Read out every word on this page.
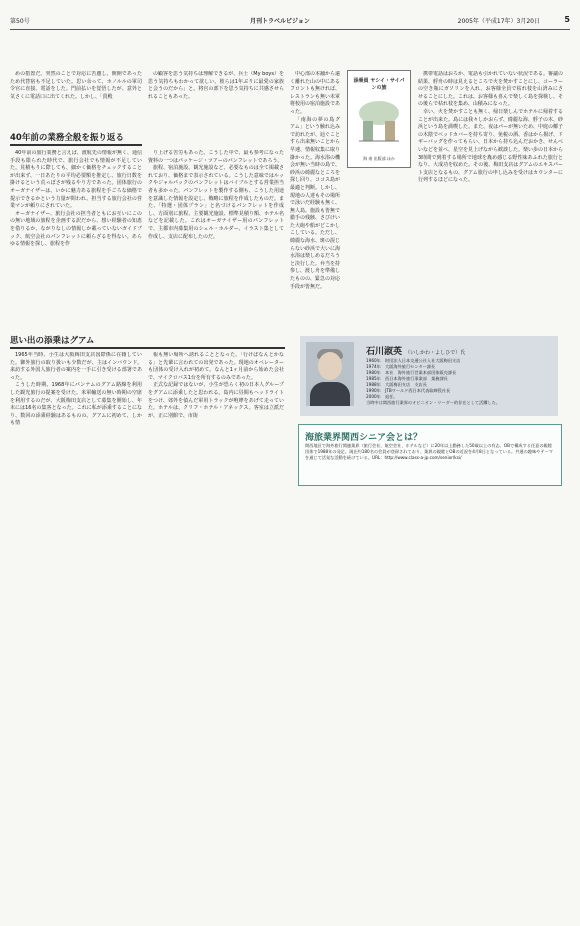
第50号	月刊トラベルビジョン	2005年（平成17年）3月20日	5

めの措置だ。突然のことで対応に苦慮し、開開であったため代替宿も不足していた。思い余って、ホノルルの軍司令官に直接、電話をした。門前払いを覚悟したが、意外と気さくに電話口に出てくれた。しかし、「貴殿

の顧客を思う気持ちは理解できるが、兵士（My boys）を思う気持ちもわかって欲しい。彼らは1年ぶりに最愛の家族と会うのだから」と。将官の部下を思う気持ちに共感させられることもあった。

40年前の業務全般を振り返る

40年前の旅行業務と言えば、渡航先の情報が無く、通信手段も限られた時代で、旅行会社でも情報が不足していた。見積もりに際しても、細かく価格をチェックすることが出来ず、一日あたりの平均必要額を推定し、旅行日数を掛けるという荒っぽさが残るやり方であった。団体旅行のオーガナイザーは、いかに魅力ある旅程を手ごろな価格で提示できるかという力量が問われ、担当する旅行会社の営業マンが頼りにされていた。

オーガナイザー、旅行会社の担当者ともにお互いにこのの無い地域の旅程を企画する訳だから、想い経験者の知恵を借りるか、ながりなしの情報しか載っていないガイドブック、航空会社のパンフレットに頼らざるを得ない。あらゆる情報を探し、旅程を作

り上げる苦労もあった。こうした中で、最も参考になった資料の一つはパッケージ・ツアーのパンフレットであろう。

旅程、宿泊施設、観光施設など、必要なものは全て掲載されており、価格まで表示されている。こうした意味ではルックやジャルパックのパンフレットはバイブルとする営業担当者も多かった。パンフレットを製作する側も、こうした用途を意識した情報を設定し、戦略に旅程を作成したものだ。また、「特選・団体プラン」と名づけるパンフレットを作成し、方面別に旅程、主要観光施設、標準見積り額、ホテル名などを記載した。これはオーガナイザー用のパンフレットで、主都市内募集用のシェル・ホルダー、イラスト集として作成し、支店に配布したのだ。

添乗員 ヤシイ・サイパンの旅
海 南 出版部 ほか

中心部の本舗から遠く離れた山の中にあるフロントも無ければ、レストランも無い未軍将校用の宿泊施設であった。

「南海の夢の島グアム」という触れ込みで訪れたが、辿ぐことすら出来無いことから早速、情報収集に取り掛かった。海水浴の機会が無い当時の島で、砂浜の綺麗なところを探し回り、ココス島が最適と判断。しかし、現地の人達もその場所で泳いだ経験も無く、無人島。施設も皆無で徹手の残骸、さびけいた大砲や船がどこかしこしている。ただし、綺麗な海水、斑の混じらない砂浜で大いに海水浴は楽しめるだろうと決行した。弁当を持参し、渡し舟を準備したものの、緊急の対応手段が皆無だ。

携帯電話はおろか、電話も引かれていない状況である。審議の結果、艀舟の時は見えるところで火を焚かすことにし、コーラーの空き瓶にガソリンを入れ、お客様全員で枯れ枝を山済みにさせることにした。これは、お客様も喜んで楽しく島を探検し、その後らで枯れ枝を集め、山積みになった。

幸い、火を焚かすことも無く、帰日楽しんでホテルに帰着することが出来た。島には我々しかおらず、綺麗な海、艀子の木、砂浜という島を満喫した。また、夜はパーが無いため、中庭の椰子の木陰でベッドカバーを持ち寄り、免税の酒、香はから揚げ、ドギーバッグを作ってもらい、日本から持ち込んだおかき、せんべいなどを並べ、星空を見上げながら歓談した。楽い歩の日本から3時間で到着する場所で地球を胤め感じる野性味あふれた旅行となり、大成功を収めた。その後、梅田支店はグアムのエキスパート支店となるもの、グアム旅行の申し込みを受けはカウンターに行列するほどになった。

思い出の添乗はグアム

1965年当時、小生は大阪梅田支店国際係に在籍していた。御外旅行の取り扱いも少数だが、主はインバウンド。来訪する外国人旅行者の案内を一手に引き受ける部署であった。

こうした時期、1968年にパンナムのグアム路線を利用した観光旅行の提案を受けた。米軍輸送の無い時期の空席を利用するのだが、大阪梅田支店として募集を開始し、年末には16名の集客となった。これに私が添乗することになり、数回の添乗経験はあるものの、グアムに初めて、しかも情

報も無い場所へ誘れることとなった。「行けばなんとかなる」と先輩に言われての出発であった。現地のオペレーターも団体の受け入れが初めて。なんと1ヶ月前から始めた会社で、マイクロバス1台を所有するのみであった。

正式な記録ではないが、小生が恐らく初の日本人グループをグアムに添乗したと思われる。島内に昼間もヘッドライトをつけ、郊外を偵んだ軍用トラックが咆哮をあげて走っていた。ホテルは、クリフ・ホテル・アネックス。客室は立派だが、正に別館で、市街

石川淑英 （いしかわ・よしひで）氏
1960年　財団法人日本交通公社入社大阪梅田支店
1974年　大阪海外旅行センター課長
1980年　本社　海外旅行営業本部団体販売課長
1985年　西日本海外旅行事業部　業務課長
1988年　大阪梅田支店　支店長
1990年　JTBワールド西日本代表取締役社長
2000年　退任。
当時中は関西旅行業界のオピニオン・リーダー的存在として活躍した。
海旅業界関西シニア会とは？
関西地区で海外旅行関連業界（旅行会社、航空会社、ホテルなど）に20年以上勤務した50歳以上の有志、OBで構成する任意の親睦団体で1988年の発足。現在約180名の会員が登録されており、業界の親睦とOBの近況を4月8日となっている。共通の趣味やテーマを通じて活発な活動を続けている。URL：http://www.class-a-jp.com/senior/ksi/
